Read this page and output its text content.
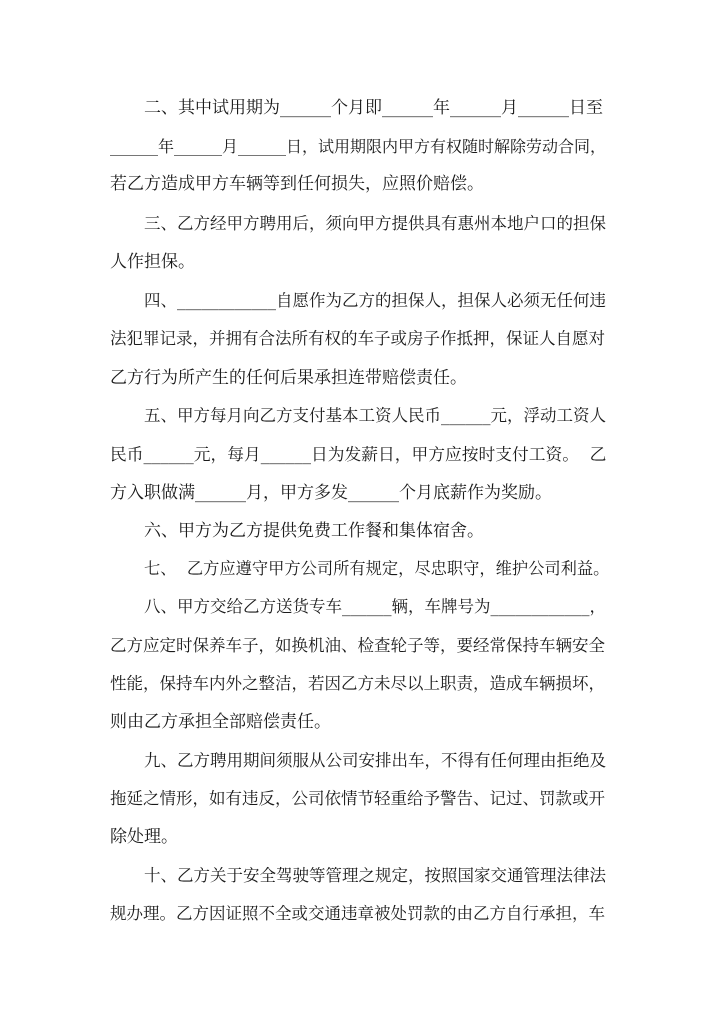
二、其中试用期为______个月即______年______月______日至
______年______月______日，试用期限内甲方有权随时解除劳动合同，
若乙方造成甲方车辆等到任何损失，应照价赔偿。
三、乙方经甲方聘用后，须向甲方提供具有惠州本地户口的担保
人作担保。
四、____________自愿作为乙方的担保人，担保人必须无任何违
法犯罪记录，并拥有合法所有权的车子或房子作抵押，保证人自愿对
乙方行为所产生的任何后果承担连带赔偿责任。
五、甲方每月向乙方支付基本工资人民币______元，浮动工资人
民币______元，每月______日为发薪日，甲方应按时支付工资。  乙
方入职做满______月，甲方多发______个月底薪作为奖励。
六、甲方为乙方提供免费工作餐和集体宿舍。
七、  乙方应遵守甲方公司所有规定，尽忠职守，维护公司利益。
八、甲方交给乙方送货专车______辆，车牌号为____________，
乙方应定时保养车子，如换机油、检查轮子等，要经常保持车辆安全
性能，保持车内外之整洁，若因乙方未尽以上职责，造成车辆损坏，
则由乙方承担全部赔偿责任。
九、乙方聘用期间须服从公司安排出车，不得有任何理由拒绝及
拖延之情形，如有违反，公司依情节轻重给予警告、记过、罚款或开
除处理。
十、乙方关于安全驾驶等管理之规定，按照国家交通管理法律法
规办理。乙方因证照不全或交通违章被处罚款的由乙方自行承担，车
